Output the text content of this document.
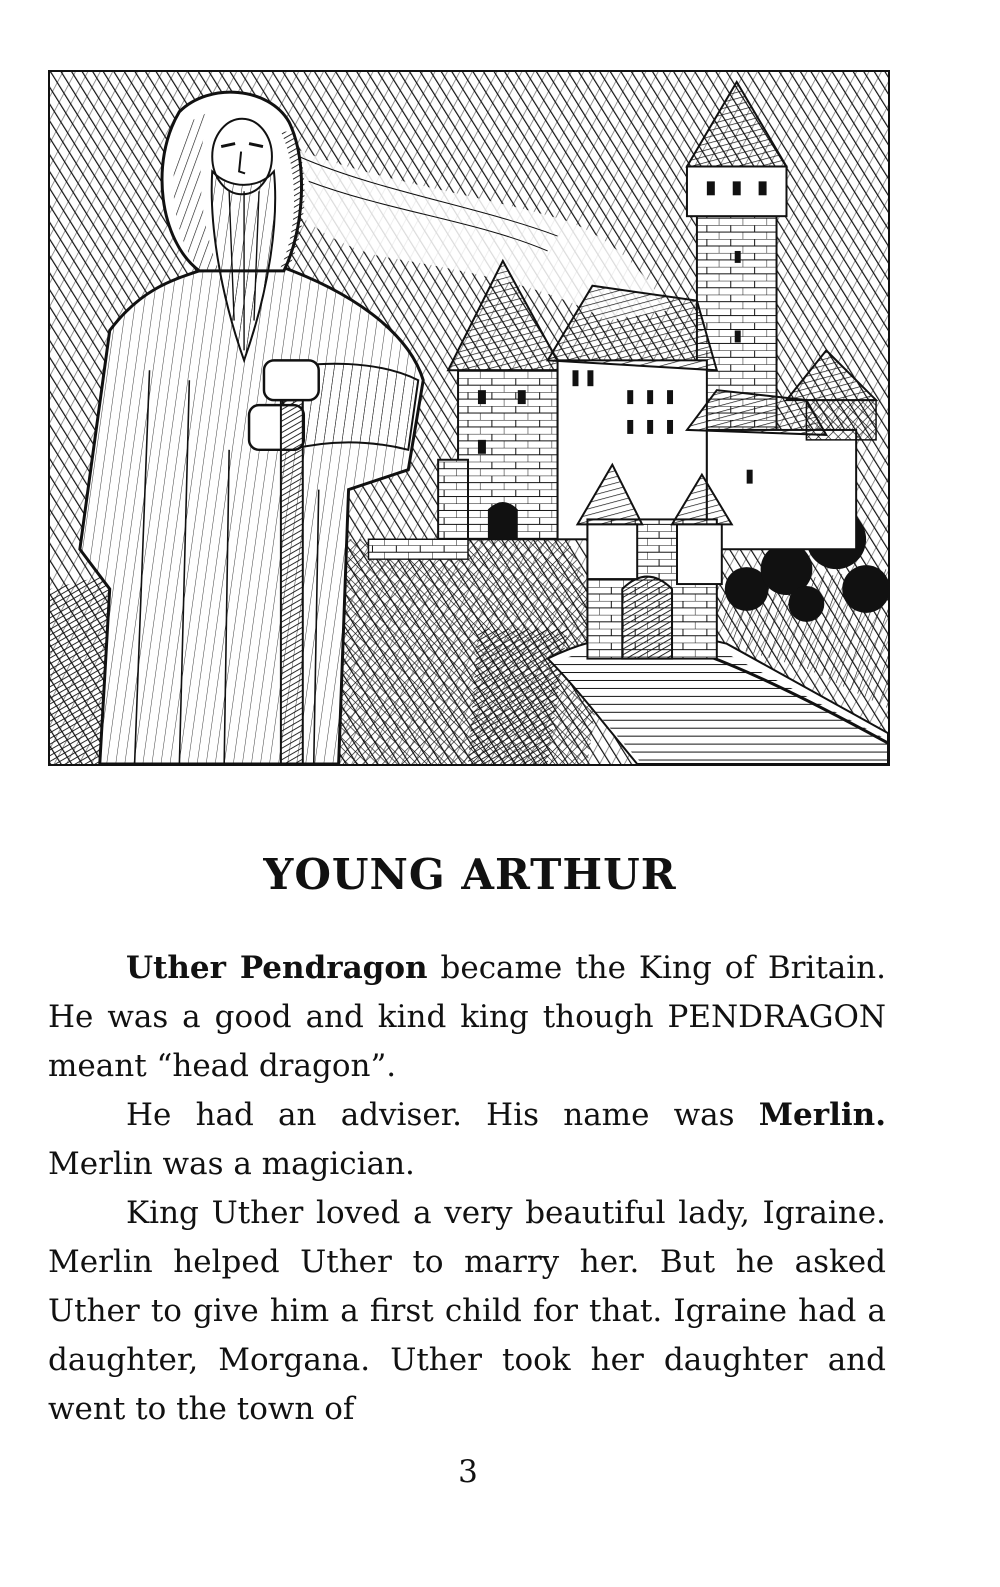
YOUNG ARTHUR

Uther Pendragon became the King of Britain. He was a good and kind king though PENDRAGON meant “head dragon”.

He had an adviser. His name was Merlin. Merlin was a magician.

King Uther loved a very beautiful lady, Igraine. Merlin helped Uther to marry her. But he asked Uther to give him a first child for that. Igraine had a daughter, Morgana. Uther took her daughter and went to the town of

3
